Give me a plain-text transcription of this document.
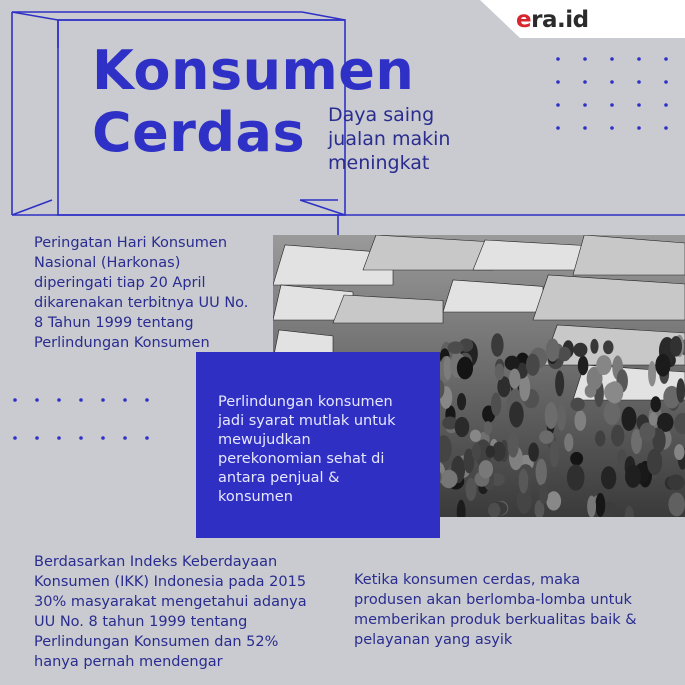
era.id
Konsumen
Cerdas	Daya saing
jualan makin
meningkat
Peringatan Hari Konsumen
Nasional (Harkonas)
diperingati tiap 20 April
dikarenakan terbitnya UU No.
8 Tahun 1999 tentang
Perlindungan Konsumen
Perlindungan konsumen
jadi syarat mutlak untuk
mewujudkan
perekonomian sehat di
antara penjual &
konsumen
Berdasarkan Indeks Keberdayaan
Konsumen (IKK) Indonesia pada 2015
30% masyarakat mengetahui adanya
UU No. 8 tahun 1999 tentang
Perlindungan Konsumen dan 52%
hanya pernah mendengar
Ketika konsumen cerdas, maka
produsen akan berlomba-lomba untuk
memberikan produk berkualitas baik &
pelayanan yang asyik
